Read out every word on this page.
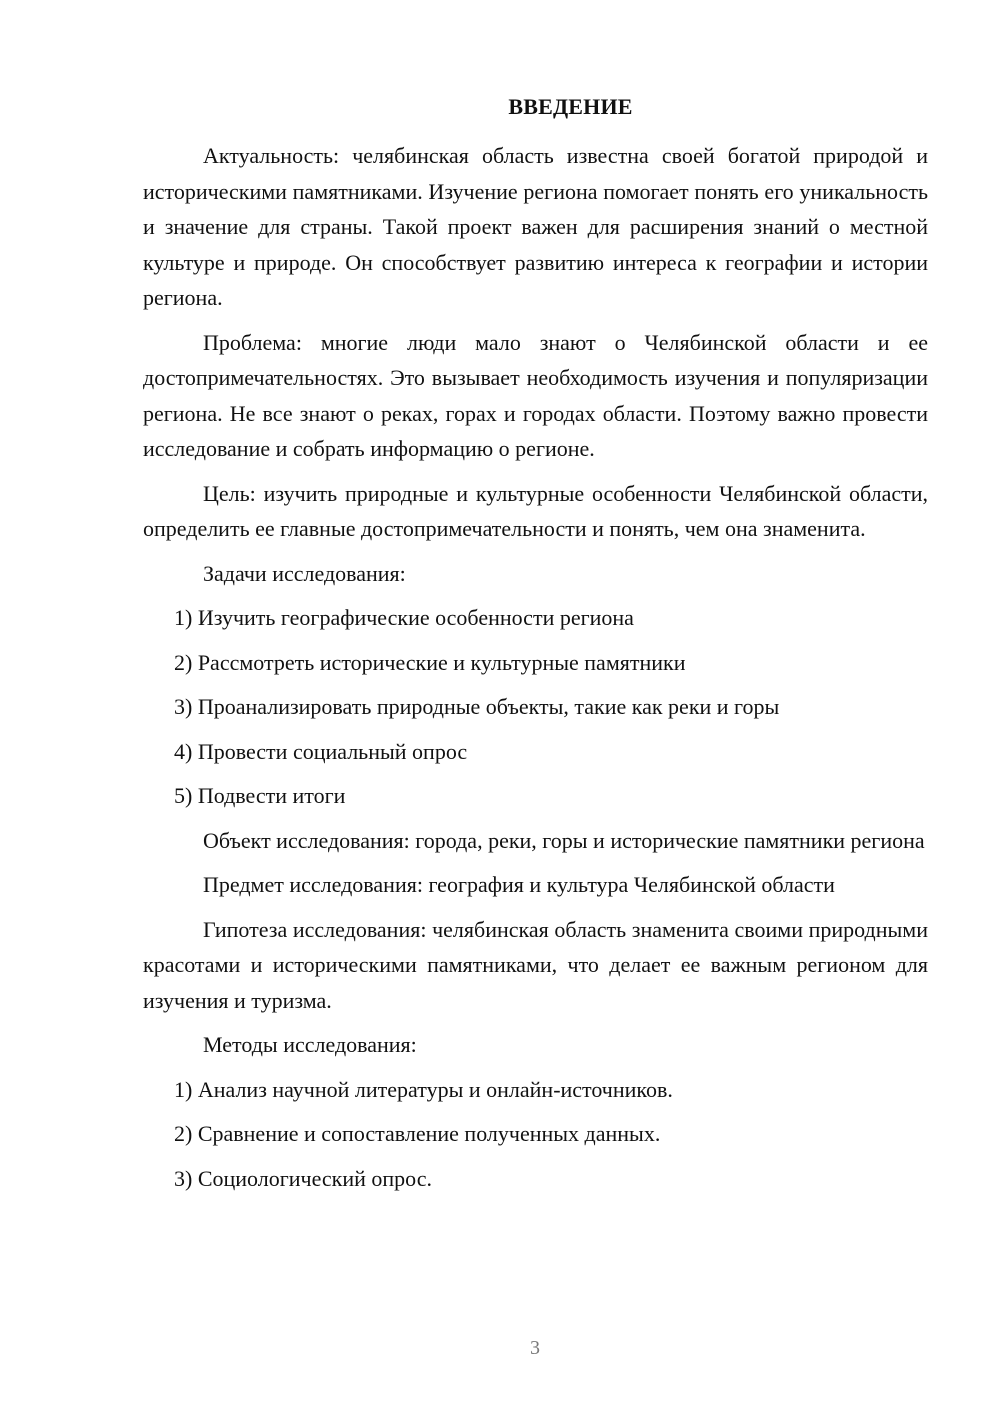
ВВЕДЕНИЕ

Актуальность: челябинская область известна своей богатой природой и историческими памятниками. Изучение региона помогает понять его уникальность и значение для страны. Такой проект важен для расширения знаний о местной культуре и природе. Он способствует развитию интереса к географии и истории региона.

Проблема: многие люди мало знают о Челябинской области и ее достопримечательностях. Это вызывает необходимость изучения и популяризации региона. Не все знают о реках, горах и городах области. Поэтому важно провести исследование и собрать информацию о регионе.

Цель: изучить природные и культурные особенности Челябинской области, определить ее главные достопримечательности и понять, чем она знаменита.

Задачи исследования:

1) Изучить географические особенности региона

2) Рассмотреть исторические и культурные памятники

3) Проанализировать природные объекты, такие как реки и горы

4) Провести социальный опрос

5) Подвести итоги

Объект исследования: города, реки, горы и исторические памятники региона

Предмет исследования: география и культура Челябинской области

Гипотеза исследования: челябинская область знаменита своими природными красотами и историческими памятниками, что делает ее важным регионом для изучения и туризма.

Методы исследования:

1) Анализ научной литературы и онлайн-источников.

2) Сравнение и сопоставление полученных данных.

3) Социологический опрос.

3
